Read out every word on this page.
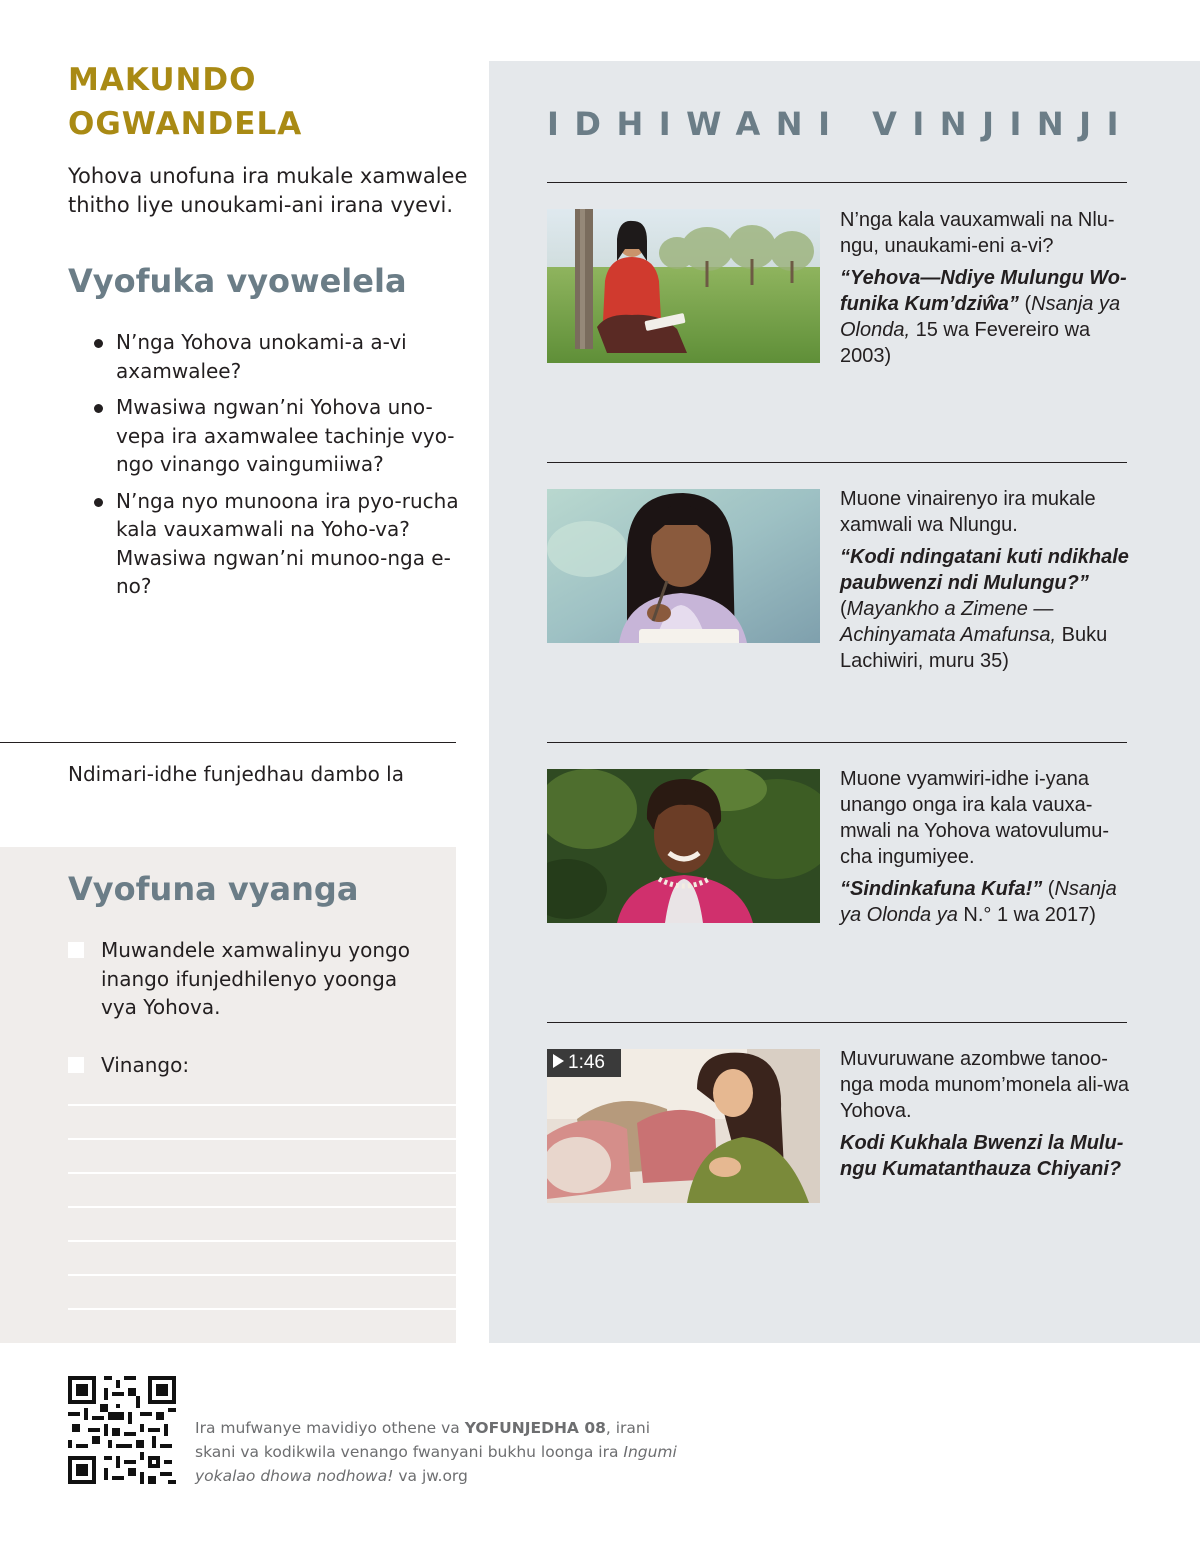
MAKUNDO
OGWANDELA

Yohova unofuna ira mukale xamwalee thitho liye unoukami-ani irana vyevi.

Vyofuka vyowelela
N’nga Yohova unokami-a a-vi axamwalee?
Mwasiwa ngwan’ni Yohova uno-vepa ira axamwalee tachinje vyo-ngo vinango vaingumiiwa?
N’nga nyo munoona ira pyo-rucha kala vauxamwali na Yoho-va? Mwasiwa ngwan’ni munoo-nga e-no?

Ndimari-idhe funjedhau dambo la

Vyofuna vyanga
Muwandele xamwalinyu yongo inango ifunjedhilenyo yoonga vya Yohova.
Vinango:
IDHIWANI VINJINJI
N’nga kala vauxamwali na Nlu-ngu, unaukami-eni a-vi?
“Yehova—Ndiye Mulungu Wo-funika Kum’dziŵa” (Nsanja ya Olonda, 15 wa Fevereiro wa 2003)
Muone vinairenyo ira mukale xamwali wa Nlungu.
“Kodi ndingatani kuti ndikhale paubwenzi ndi Mulungu?” (Mayankho a Zimene —Achinyamata Amafunsa, Buku Lachiwiri, muru 35)
Muone vyamwiri-idhe i-yana unango onga ira kala vauxa-mwali na Yohova watovulumu-cha ingumiyee.
“Sindinkafuna Kufa!” (Nsanja ya Olonda ya N.° 1 wa 2017)
1:46	Muvuruwane azombwe tanoo-nga moda munom’monela ali-wa Yohova.
Kodi Kukhala Bwenzi la Mulu-ngu Kumatanthauza Chiyani?

Ira mufwanye mavidiyo othene va YOFUNJEDHA 08, irani skani va kodikwila venango fwanyani bukhu loonga ira Ingumi yokalao dhowa nodhowa! va jw.org
